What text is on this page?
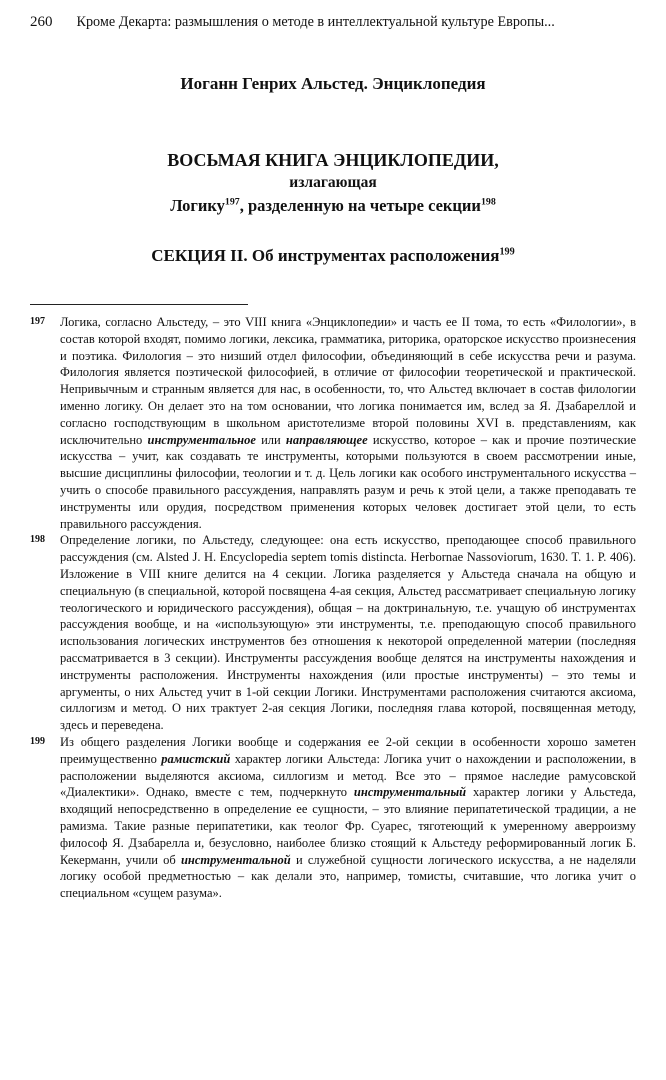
260 Кроме Декарта: размышления о методе в интеллектуальной культуре Европы...
Иоганн Генрих Альстед. Энциклопедия
ВОСЬМАЯ КНИГА ЭНЦИКЛОПЕДИИ,
излагающая
Логику$^{197}$, разделенную на четыре секции$^{198}$
СЕКЦИЯ II. Об инструментах расположения$^{199}$
197	Логика, согласно Альстеду, – это VIII книга «Энциклопедии» и часть ее II тома, то есть «Филологии», в состав которой входят, помимо логики, лексика, грамматика, риторика, ораторское искусство произнесения и поэтика. Филология – это низший отдел философии, объединяющий в себе искусства речи и разума. Филология является поэтической философией, в отличие от философии теоретической и практической. Непривычным и странным является для нас, в особенности, то, что Альстед включает в состав филологии именно логику. Он делает это на том основании, что логика понимается им, вслед за Я. Дзабареллой и согласно господствующим в школьном аристотелизме второй половины XVI в. представлениям, как исключительно инструментальное или направляющее искусство, которое – как и прочие поэтические искусства – учит, как создавать те инструменты, которыми пользуются в своем рассмотрении иные, высшие дисциплины философии, теологии и т. д. Цель логики как особого инструментального искусства – учить о способе правильного рассуждения, направлять разум и речь к этой цели, а также преподавать те инструменты или орудия, посредством применения которых человек достигает этой цели, то есть правильного рассуждения.
198	Определение логики, по Альстеду, следующее: она есть искусство, преподающее способ правильного рассуждения (см. Alsted J. H. Encyclopedia septem tomis distincta. Herbornae Nassoviorum, 1630. T. 1. P. 406). Изложение в VIII книге делится на 4 секции. Логика разделяется у Альстеда сначала на общую и специальную (в специальной, которой посвящена 4-ая секция, Альстед рассматривает специальную логику теологического и юридического рассуждения), общая – на доктринальную, т.е. учащую об инструментах рассуждения вообще, и на «использующую» эти инструменты, т.е. преподающую способ правильного использования логических инструментов без отношения к некоторой определенной материи (последняя рассматривается в 3 секции). Инструменты рассуждения вообще делятся на инструменты нахождения и инструменты расположения. Инструменты нахождения (или простые инструменты) – это темы и аргументы, о них Альстед учит в 1-ой секции Логики. Инструментами расположения считаются аксиома, силлогизм и метод. О них трактует 2-ая секция Логики, последняя глава которой, посвященная методу, здесь и переведена.
199	Из общего разделения Логики вообще и содержания ее 2-ой секции в особенности хорошо заметен преимущественно рамистский характер логики Альстеда: Логика учит о нахождении и расположении, в расположении выделяются аксиома, силлогизм и метод. Все это – прямое наследие рамусовской «Диалектики». Однако, вместе с тем, подчеркнуто инструментальный характер логики у Альстеда, входящий непосредственно в определение ее сущности, – это влияние перипатетической традиции, а не рамизма. Такие разные перипатетики, как теолог Фр. Суарес, тяготеющий к умеренному аверроизму философ Я. Дзабарелла и, безусловно, наиболее близко стоящий к Альстеду реформированный логик Б. Кекерманн, учили об инструментальной и служебной сущности логического искусства, а не наделяли логику особой предметностью – как делали это, например, томисты, считавшие, что логика учит о специальном «сущем разума».
